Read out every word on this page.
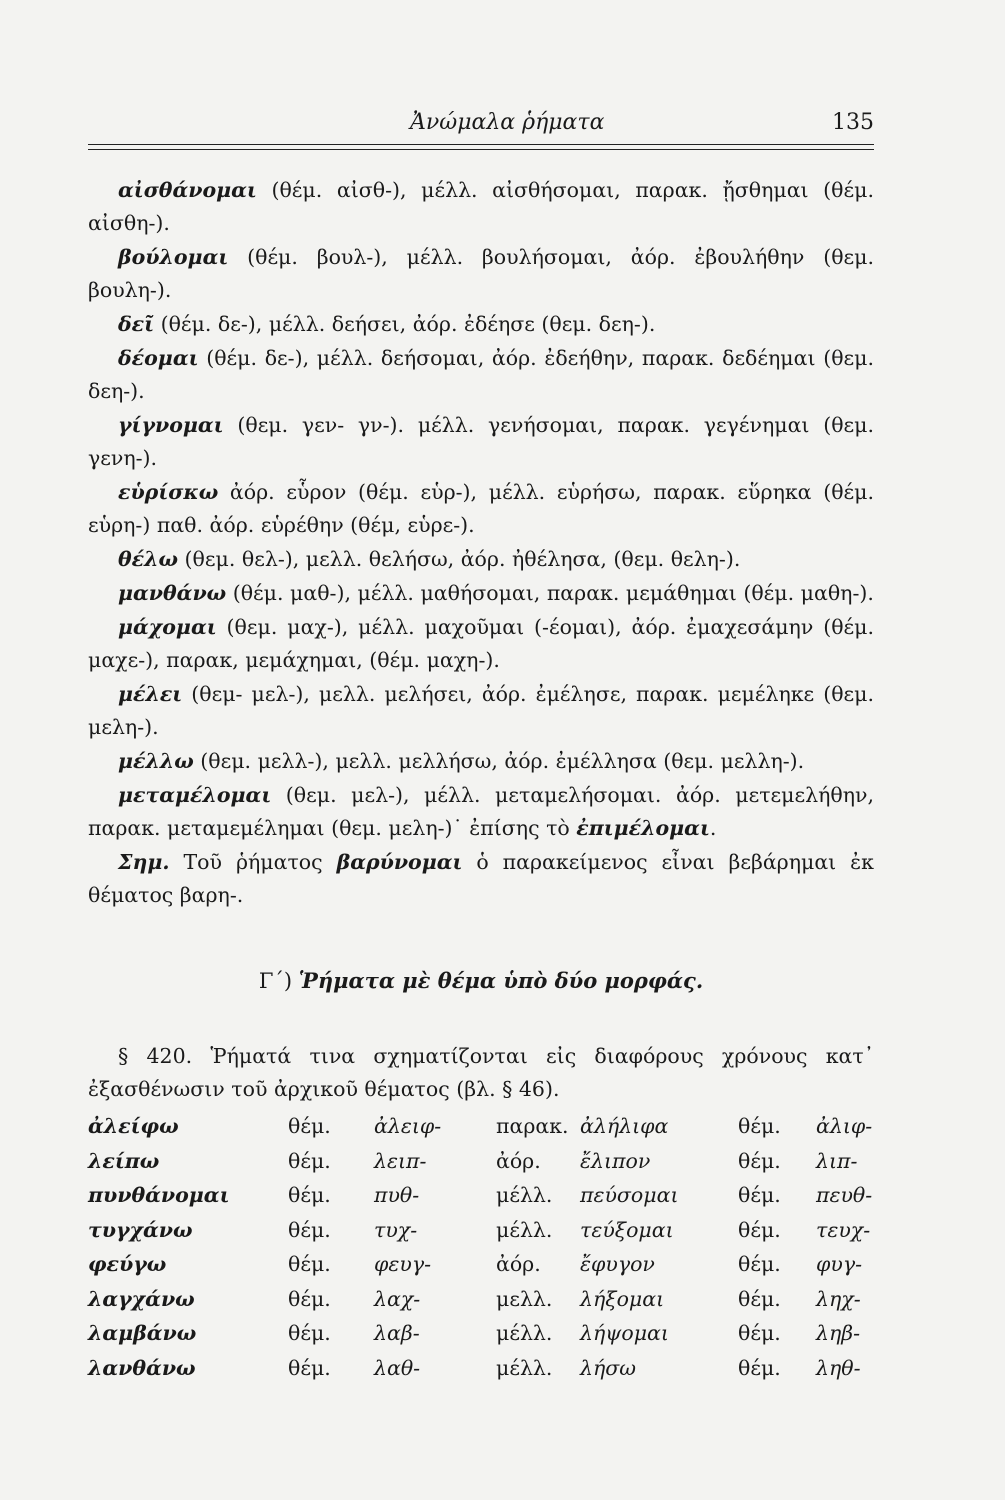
Ἀνώμαλα ῥήματα	135

αἰσθάνομαι (θέμ. αἰσθ-), μέλλ. αἰσθήσομαι, παρακ. ᾔσθημαι (θέμ. αἰσθη-).

βούλομαι (θέμ. βουλ-), μέλλ. βουλήσομαι, ἀόρ. ἐβουλήθην (θεμ. βουλη-).

δεῖ (θέμ. δε-), μέλλ. δεήσει, ἀόρ. ἐδέησε (θεμ. δεη-).

δέομαι (θέμ. δε-), μέλλ. δεήσομαι, ἀόρ. ἐδεήθην, παρακ. δεδέημαι (θεμ. δεη-).

γίγνομαι (θεμ. γεν- γν-). μέλλ. γενήσομαι, παρακ. γεγένημαι (θεμ. γενη-).

εὑρίσκω ἀόρ. εὗρον (θέμ. εὑρ-), μέλλ. εὑρήσω, παρακ. εὕρηκα (θέμ. εὑρη-) παθ. ἀόρ. εὑρέθην (θέμ, εὑρε-).

θέλω (θεμ. θελ-), μελλ. θελήσω, ἀόρ. ἠθέλησα, (θεμ. θελη-).

μανθάνω (θέμ. μαθ-), μέλλ. μαθήσομαι, παρακ. μεμάθημαι (θέμ. μαθη-).

μάχομαι (θεμ. μαχ-), μέλλ. μαχοῦμαι (-έομαι), ἀόρ. ἐμαχεσάμην (θέμ. μαχε-), παρακ, μεμάχημαι, (θέμ. μαχη-).

μέλει (θεμ- μελ-), μελλ. μελήσει, ἀόρ. ἐμέλησε, παρακ. μεμέληκε (θεμ. μελη-).

μέλλω (θεμ. μελλ-), μελλ. μελλήσω, ἀόρ. ἐμέλλησα (θεμ. μελλη-).

μεταμέλομαι (θεμ. μελ-), μέλλ. μεταμελήσομαι. ἀόρ. μετεμελήθην, παρακ. μεταμεμέλημαι (θεμ. μελη-)˙ ἐπίσης τὸ ἐπιμέλομαι.

Σημ. Τοῦ ῥήματος βαρύνομαι ὁ παρακείμενος εἶναι βεβάρημαι ἐκ θέματος βαρη-.

Γ΄) Ῥήματα μὲ θέμα ὑπὸ δύο μορφάς.

§ 420. Ῥήματά τινα σχηματίζονται εἰς διαφόρους χρόνους κατ᾽ ἐξασθένωσιν τοῦ ἀρχικοῦ θέματος (βλ. § 46).

ἀλείφω	θέμ. ἀλειφ-	παρακ. ἀλήλιφα	θέμ. ἀλιφ-
λείπω	θέμ. λειπ-	ἀόρ. ἔλιπον	θέμ. λιπ-
πυνθάνομαι	θέμ. πυθ-	μέλλ. πεύσομαι	θέμ. πευθ-
τυγχάνω	θέμ. τυχ-	μέλλ. τεύξομαι	θέμ. τευχ-
φεύγω	θέμ. φευγ-	ἀόρ. ἔφυγον	θέμ. φυγ-
λαγχάνω	θέμ. λαχ-	μελλ. λήξομαι	θέμ. ληχ-
λαμβάνω	θέμ. λαβ-	μέλλ. λήψομαι	θέμ. ληβ-
λανθάνω	θέμ. λαθ-	μέλλ. λήσω	θέμ. ληθ-
